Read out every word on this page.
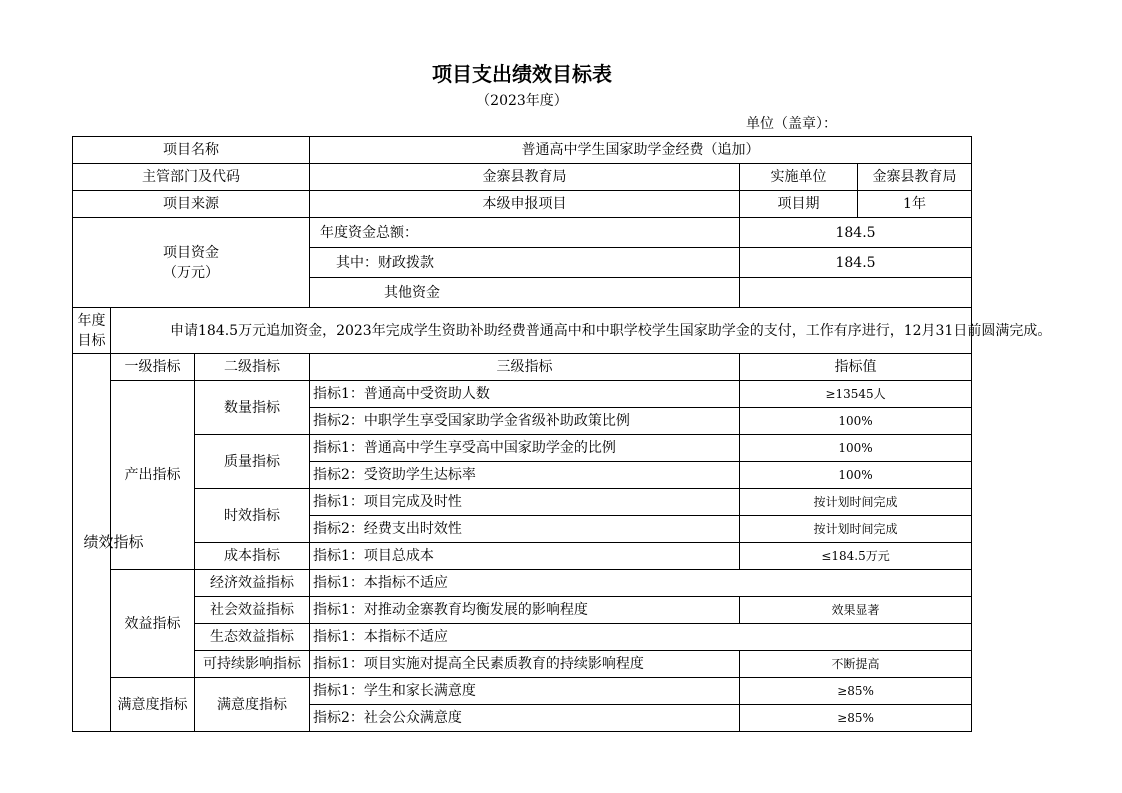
项目支出绩效目标表
（2023年度）
单位（盖章）：
项目名称			普通高中学生国家助学金经费（追加）		
主管部门及代码			金寨县教育局	实施单位	金寨县教育局
项目来源			本级申报项目	项目期	1年

项目资金
（万元）			年度资金总额：	184.5	
			其中：财政拨款	184.5	
			其他资金		

年度
目标	申请184.5万元追加资金，2023年完成学生资助补助经费普通高中和中职学校学生国家助学金的支付，工作有序进行，12月31日前圆满完成。				
绩效指标	一级指标	二级指标	三级指标	指标值	
	产出指标	数量指标	指标1：普通高中受资助人数	≥13545人	
			指标2：中职学生享受国家助学金省级补助政策比例	100%	
		质量指标	指标1：普通高中学生享受高中国家助学金的比例	100%	
			指标2：受资助学生达标率	100%	
		时效指标	指标1：项目完成及时性	按计划时间完成	
			指标2：经费支出时效性	按计划时间完成	
		成本指标	指标1：项目总成本	≤184.5万元	
	效益指标	经济效益指标	指标1：本指标不适应		
		社会效益指标	指标1：对推动金寨教育均衡发展的影响程度	效果显著	
		生态效益指标	指标1：本指标不适应		
		可持续影响指标	指标1：项目实施对提高全民素质教育的持续影响程度	不断提高	
	满意度指标	满意度指标	指标1：学生和家长满意度	≥85%	
			指标2：社会公众满意度	≥85%	
